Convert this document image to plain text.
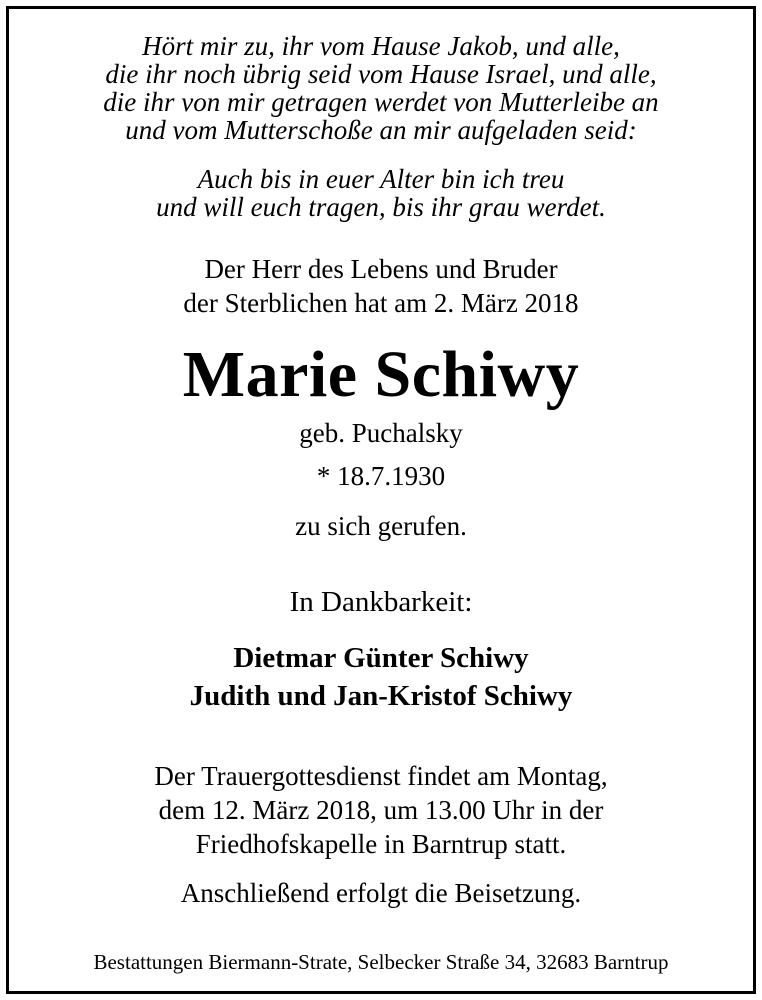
Hört mir zu, ihr vom Hause Jakob, und alle,
die ihr noch übrig seid vom Hause Israel, und alle,
die ihr von mir getragen werdet von Mutterleibe an
und vom Mutterschoße an mir aufgeladen seid:
Auch bis in euer Alter bin ich treu
und will euch tragen, bis ihr grau werdet.
Der Herr des Lebens und Bruder
der Sterblichen hat am 2. März 2018
Marie Schiwy
geb. Puchalsky
* 18.7.1930
zu sich gerufen.
In Dankbarkeit:
Dietmar Günter Schiwy
Judith und Jan-Kristof Schiwy
Der Trauergottesdienst findet am Montag,
dem 12. März 2018, um 13.00 Uhr in der
Friedhofskapelle in Barntrup statt.
Anschließend erfolgt die Beisetzung.
Bestattungen Biermann-Strate, Selbecker Straße 34, 32683 Barntrup
